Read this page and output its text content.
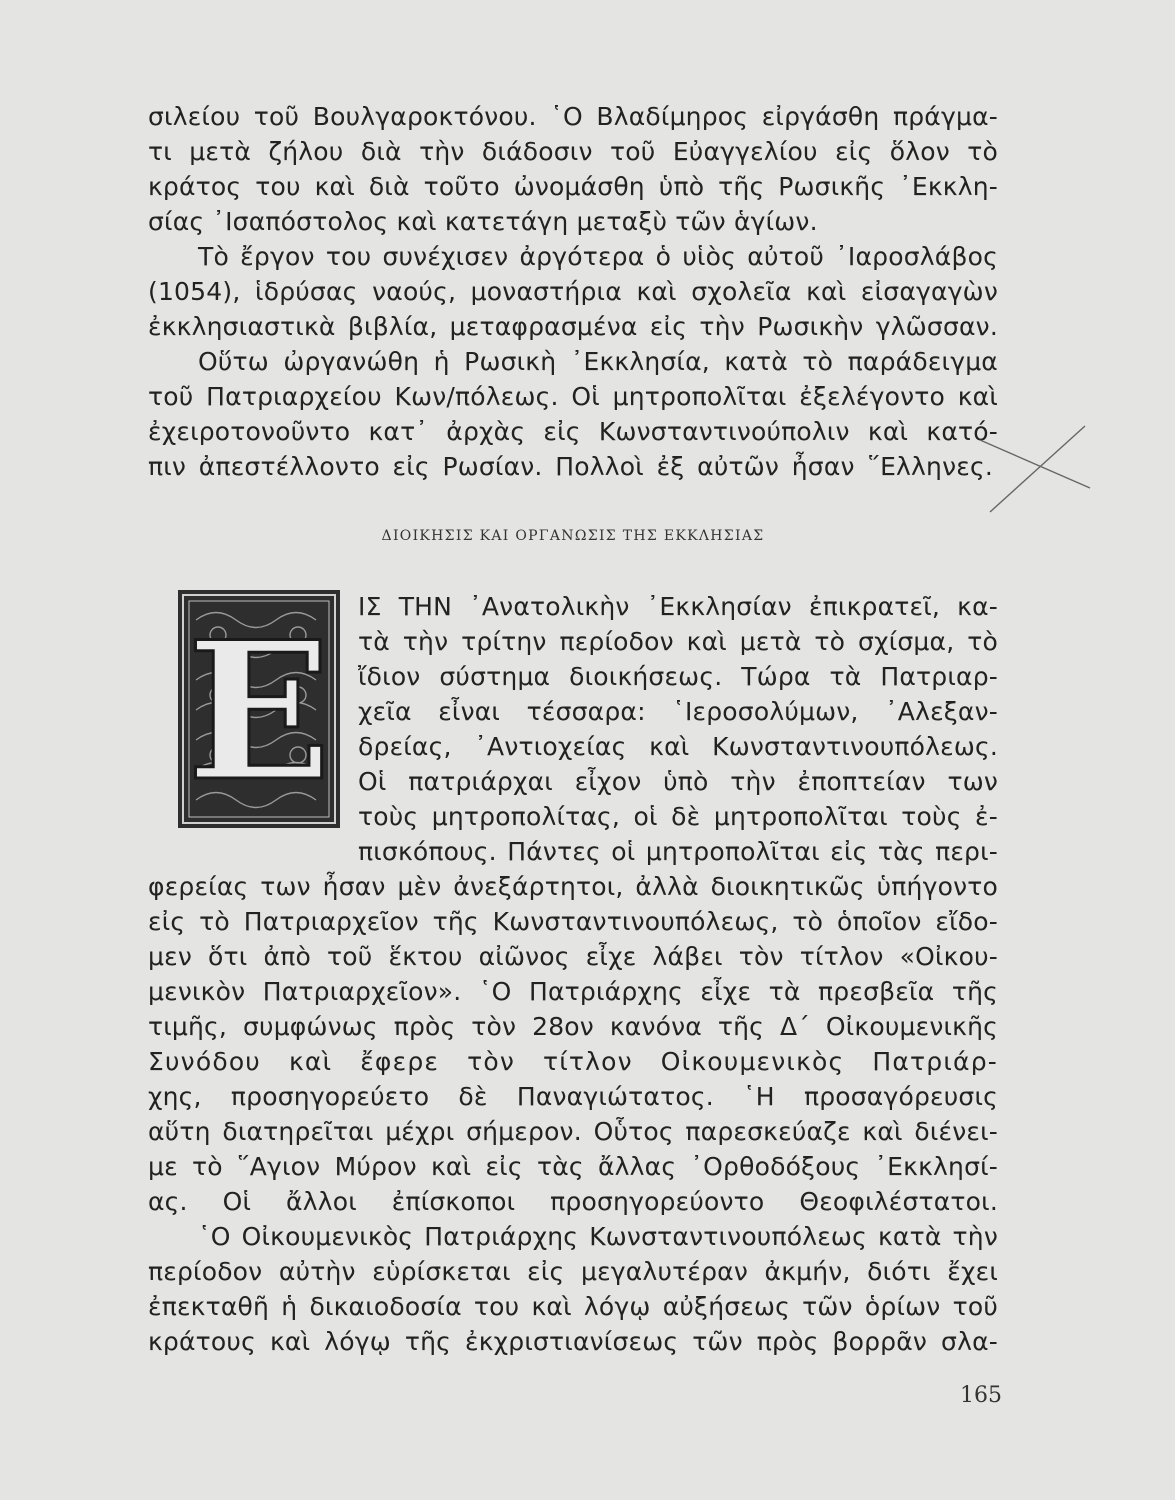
σιλείου τοῦ Βουλγαροκτόνου. ῾Ο Βλαδίμηρος εἰργάσθη πράγμα-
τι μετὰ ζήλου διὰ τὴν διάδοσιν τοῦ Εὐαγγελίου εἰς ὅλον τὸ
κράτος του καὶ διὰ τοῦτο ὠνομάσθη ὑπὸ τῆς Ρωσικῆς ᾿Εκκλη-
σίας ᾿Ισαπόστολος καὶ κατετάγη μεταξὺ τῶν ἁγίων.
Τὸ ἔργον του συνέχισεν ἀργότερα ὁ υἱὸς αὐτοῦ ᾿Ιαροσλάβος
(1054), ἱδρύσας ναούς, μοναστήρια καὶ σχολεῖα καὶ εἰσαγαγὼν
ἐκκλησιαστικὰ βιβλία, μεταφρασμένα εἰς τὴν Ρωσικὴν γλῶσσαν.
Οὕτω ὠργανώθη ἡ Ρωσικὴ ᾿Εκκλησία, κατὰ τὸ παράδειγμα
τοῦ Πατριαρχείου Κων/πόλεως. Οἱ μητροπολῖται ἐξελέγοντο καὶ
ἐχειροτονοῦντο κατ᾿ ἀρχὰς εἰς Κωνσταντινούπολιν καὶ κατό-
πιν ἀπεστέλλοντο εἰς Ρωσίαν. Πολλοὶ ἐξ αὐτῶν ἦσαν ῞Ελληνες.
ΔΙΟΙΚΗΣΙΣ ΚΑΙ ΟΡΓΑΝΩΣΙΣ ΤΗΣ ΕΚΚΛΗΣΙΑΣ
Ε ΙΣ ΤΗΝ ᾿Ανατολικὴν ᾿Εκκλησίαν ἐπικρατεῖ, κα-
τὰ τὴν τρίτην περίοδον καὶ μετὰ τὸ σχίσμα, τὸ
ἴδιον σύστημα διοικήσεως. Τώρα τὰ Πατριαρ-
χεῖα εἶναι τέσσαρα: ῾Ιεροσολύμων, ᾿Αλεξαν-
δρείας, ᾿Αντιοχείας καὶ Κωνσταντινουπόλεως.
Οἱ πατριάρχαι εἶχον ὑπὸ τὴν ἐποπτείαν των
τοὺς μητροπολίτας, οἱ δὲ μητροπολῖται τοὺς ἐ-
πισκόπους. Πάντες οἱ μητροπολῖται εἰς τὰς περι-
φερείας των ἦσαν μὲν ἀνεξάρτητοι, ἀλλὰ διοικητικῶς ὑπήγοντο
εἰς τὸ Πατριαρχεῖον τῆς Κωνσταντινουπόλεως, τὸ ὁποῖον εἴδο-
μεν ὅτι ἀπὸ τοῦ ἕκτου αἰῶνος εἶχε λάβει τὸν τίτλον «Οἰκου-
μενικὸν Πατριαρχεῖον». ῾Ο Πατριάρχης εἶχε τὰ πρεσβεῖα τῆς
τιμῆς, συμφώνως πρὸς τὸν 28ον κανόνα τῆς Δ΄ Οἰκουμενικῆς
Συνόδου καὶ ἔφερε τὸν τίτλον Οἰκουμενικὸς Πατριάρ-
χης, προσηγορεύετο δὲ Παναγιώτατος. ῾Η προσαγόρευσις
αὕτη διατηρεῖται μέχρι σήμερον. Οὗτος παρεσκεύαζε καὶ διένει-
με τὸ ῞Αγιον Μύρον καὶ εἰς τὰς ἄλλας ᾿Ορθοδόξους ᾿Εκκλησί-
ας. Οἱ ἄλλοι ἐπίσκοποι προσηγορεύοντο Θεοφιλέστατοι.
῾Ο Οἰκουμενικὸς Πατριάρχης Κωνσταντινουπόλεως κατὰ τὴν
περίοδον αὐτὴν εὑρίσκεται εἰς μεγαλυτέραν ἀκμήν, διότι ἔχει
ἐπεκταθῆ ἡ δικαιοδοσία του καὶ λόγῳ αὐξήσεως τῶν ὁρίων τοῦ
κράτους καὶ λόγῳ τῆς ἐκχριστιανίσεως τῶν πρὸς βορρᾶν σλα-
165
